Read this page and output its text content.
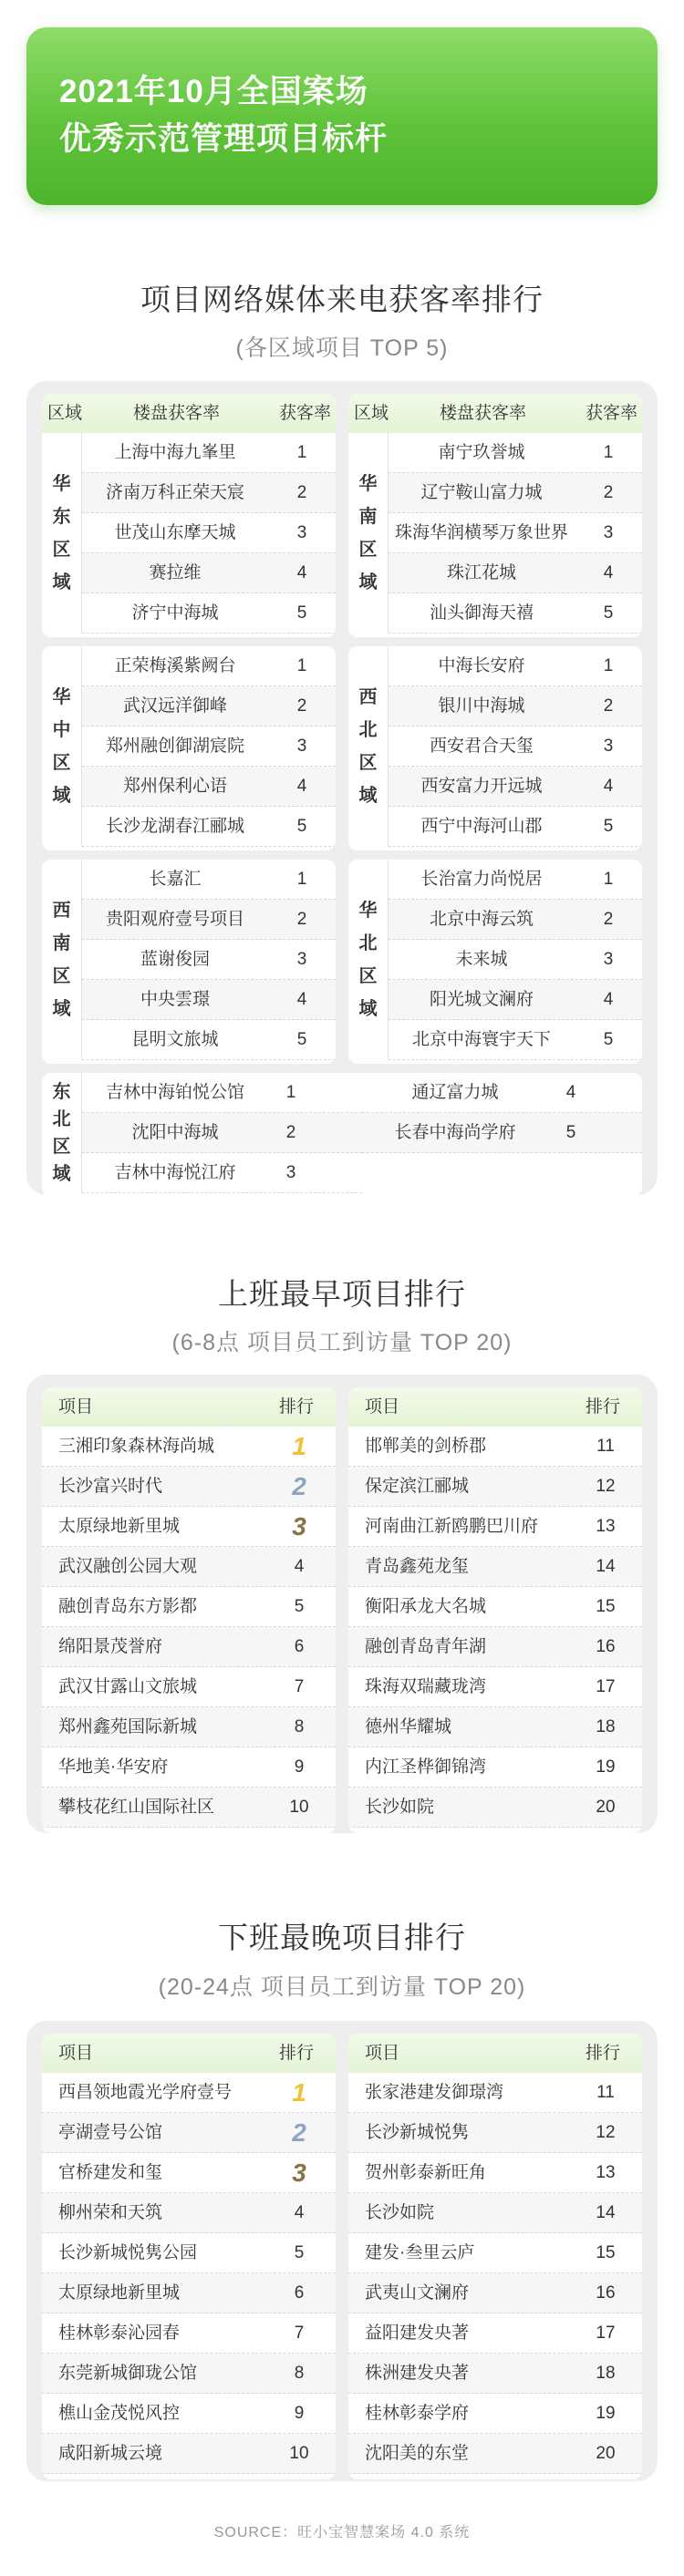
2021年10月全国案场
优秀示范管理项目标杆
项目网络媒体来电获客率排行
(各区域项目 TOP 5)
区域	楼盘获客率	获客率
华
东
区
域
上海中海九峯里	1
济南万科正荣天宸	2
世茂山东摩天城	3
赛拉维	4
济宁中海城	5
区域	楼盘获客率	获客率
华
南
区
域
南宁玖誉城	1
辽宁鞍山富力城	2
珠海华润横琴万象世界	3
珠江花城	4
汕头御海天禧	5
华
中
区
域
正荣梅溪紫阙台	1
武汉远洋御峰	2
郑州融创御湖宸院	3
郑州保利心语	4
长沙龙湖春江郦城	5
西
北
区
域
中海长安府	1
银川中海城	2
西安君合天玺	3
西安富力开远城	4
西宁中海河山郡	5
西
南
区
域
长嘉汇	1
贵阳观府壹号项目	2
蓝谢俊园	3
中央雲璟	4
昆明文旅城	5
华
北
区
域
长治富力尚悦居	1
北京中海云筑	2
未来城	3
阳光城文澜府	4
北京中海寰宇天下	5
东
北
区
域
吉林中海铂悦公馆	1
沈阳中海城	2
吉林中海悦江府	3
通辽富力城	4
长春中海尚学府	5
上班最早项目排行
(6-8点 项目员工到访量 TOP 20)
项目	排行
三湘印象森林海尚城	1
长沙富兴时代	2
太原绿地新里城	3
武汉融创公园大观	4
融创青岛东方影都	5
绵阳景茂誉府	6
武汉甘露山文旅城	7
郑州鑫苑国际新城	8
华地美·华安府	9
攀枝花红山国际社区	10
项目	排行
邯郸美的剑桥郡	11
保定滨江郦城	12
河南曲江新鸥鹏巴川府	13
青岛鑫苑龙玺	14
衡阳承龙大名城	15
融创青岛青年湖	16
珠海双瑞藏珑湾	17
德州华耀城	18
内江圣桦御锦湾	19
长沙如院	20
下班最晚项目排行
(20-24点 项目员工到访量 TOP 20)
项目	排行
西昌领地霞光学府壹号	1
亭湖壹号公馆	2
官桥建发和玺	3
柳州荣和天筑	4
长沙新城悦隽公园	5
太原绿地新里城	6
桂林彰泰沁园春	7
东莞新城御珑公馆	8
樵山金茂悦风控	9
咸阳新城云境	10
项目	排行
张家港建发御璟湾	11
长沙新城悦隽	12
贺州彰泰新旺角	13
长沙如院	14
建发·叁里云庐	15
武夷山文澜府	16
益阳建发央著	17
株洲建发央著	18
桂林彰泰学府	19
沈阳美的东堂	20
SOURCE：旺小宝智慧案场 4.0 系统
